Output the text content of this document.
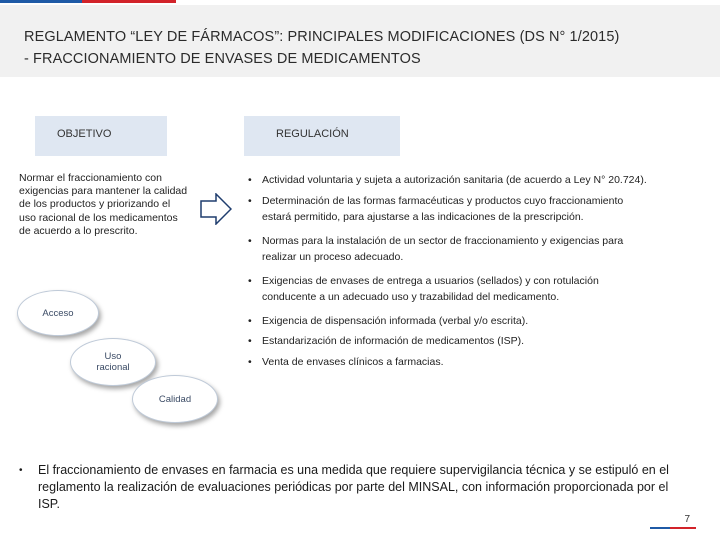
REGLAMENTO “LEY DE FÁRMACOS”: PRINCIPALES MODIFICACIONES (DS N° 1/2015)
- FRACCIONAMIENTO DE ENVASES DE MEDICAMENTOS
OBJETIVO	REGULACIÓN
Normar el fraccionamiento con exigencias para mantener la calidad de los productos y priorizando el uso racional de los medicamentos de acuerdo a lo prescrito.
• Actividad voluntaria y sujeta a autorización sanitaria (de acuerdo a Ley N° 20.724).
• Determinación de las formas farmacéuticas y productos cuyo fraccionamiento estará permitido, para ajustarse a las indicaciones de la prescripción.
• Normas para la instalación de un sector de fraccionamiento y exigencias para realizar un proceso adecuado.
• Exigencias de envases de entrega a usuarios (sellados) y con rotulación conducente a un adecuado uso y trazabilidad del medicamento.
• Exigencia de dispensación informada (verbal y/o escrita).
• Estandarización de información de medicamentos (ISP).
• Venta de envases clínicos a farmacias.
Acceso
Uso racional
Calidad
• El fraccionamiento de envases en farmacia es una medida que requiere supervigilancia técnica y se estipuló en el reglamento la realización de evaluaciones periódicas por parte del MINSAL, con información proporcionada por el ISP.
7
